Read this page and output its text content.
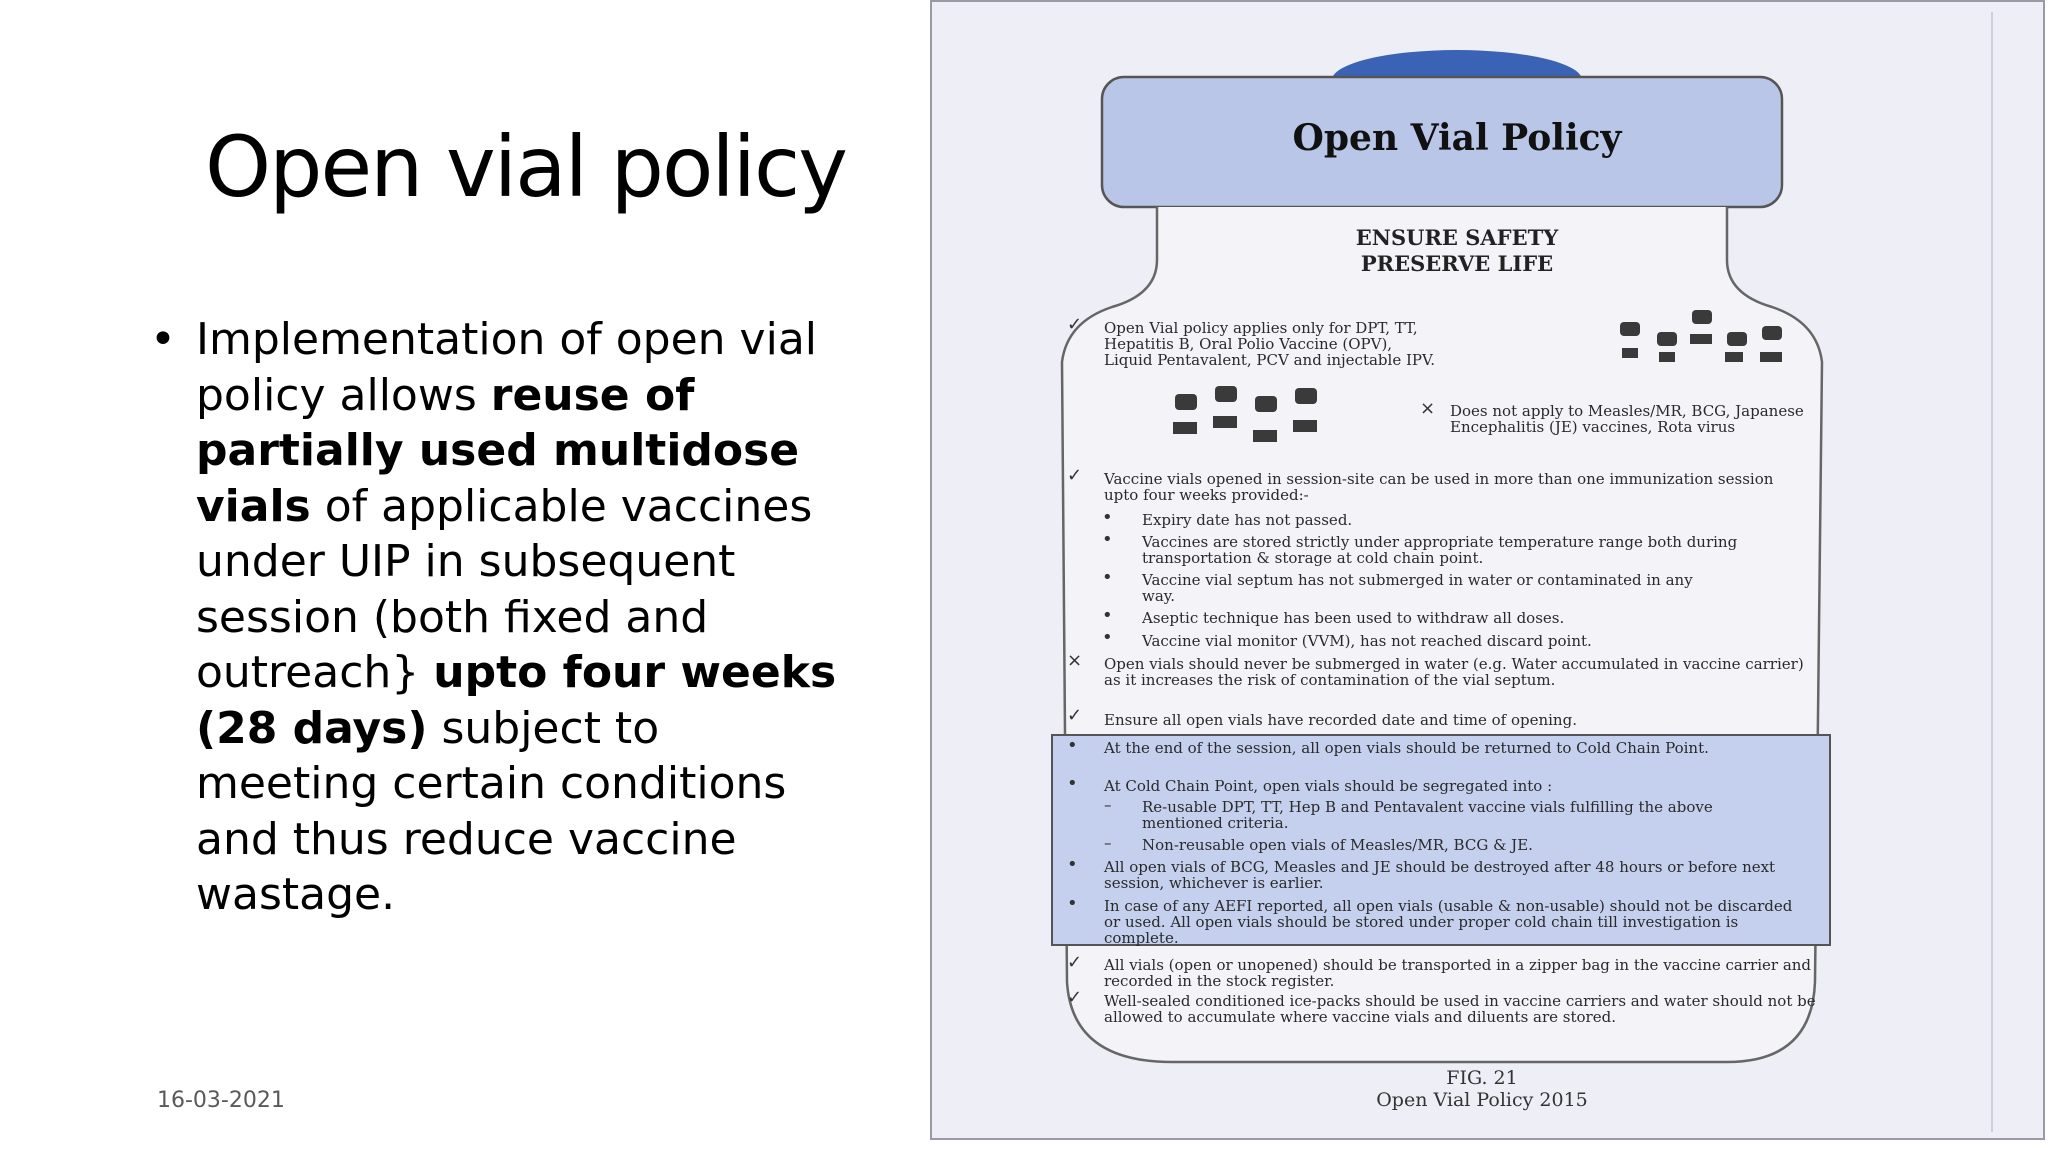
Open vial policy
• Implementation of open vial policy allows reuse of partially used multidose vials of applicable vaccines under UIP in subsequent session (both fixed and outreach} upto four weeks (28 days) subject to meeting certain conditions and thus reduce vaccine wastage.

16-03-2021
Open Vial Policy
ENSURE SAFETY
PRESERVE LIFE
✓ Open Vial policy applies only for DPT, TT, Hepatitis B, Oral Polio Vaccine (OPV), Liquid Pentavalent, PCV and injectable IPV.
× Does not apply to Measles/MR, BCG, Japanese Encephalitis (JE) vaccines, Rota virus
✓ Vaccine vials opened in session-site can be used in more than one immunization session upto four weeks provided:-
• Expiry date has not passed.
• Vaccines are stored strictly under appropriate temperature range both during transportation & storage at cold chain point.
• Vaccine vial septum has not submerged in water or contaminated in any way.
• Aseptic technique has been used to withdraw all doses.
• Vaccine vial monitor (VVM), has not reached discard point.
× Open vials should never be submerged in water (e.g. Water accumulated in vaccine carrier) as it increases the risk of contamination of the vial septum.
✓ Ensure all open vials have recorded date and time of opening.
• At the end of the session, all open vials should be returned to Cold Chain Point.
• At Cold Chain Point, open vials should be segregated into :
– Re-usable DPT, TT, Hep B and Pentavalent vaccine vials fulfilling the above mentioned criteria.
– Non-reusable open vials of Measles/MR, BCG & JE.
• All open vials of BCG, Measles and JE should be destroyed after 48 hours or before next session, whichever is earlier.
• In case of any AEFI reported, all open vials (usable & non-usable) should not be discarded or used. All open vials should be stored under proper cold chain till investigation is complete.
✓ All vials (open or unopened) should be transported in a zipper bag in the vaccine carrier and recorded in the stock register.
✓ Well-sealed conditioned ice-packs should be used in vaccine carriers and water should not be allowed to accumulate where vaccine vials and diluents are stored.
FIG. 21
Open Vial Policy 2015
